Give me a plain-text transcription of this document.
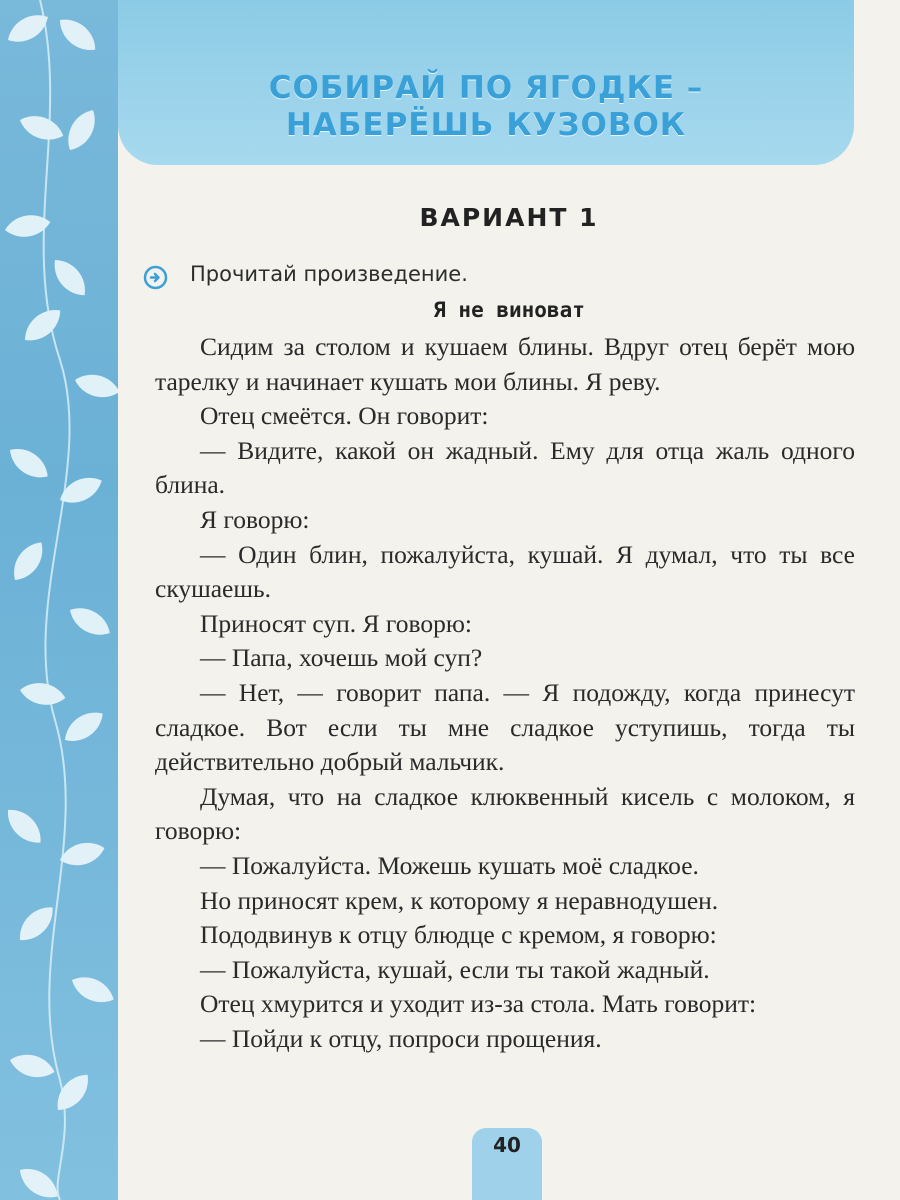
СОБИРАЙ ПО ЯГОДКЕ –
НАБЕРЁШЬ КУЗОВОК
ВАРИАНТ 1
Прочитай произведение.
Я не виноват
Сидим за столом и кушаем блины. Вдруг отец берёт мою тарелку и начинает кушать мои блины. Я реву.
Отец смеётся. Он говорит:
— Видите, какой он жадный. Ему для отца жаль одного блина.
Я говорю:
— Один блин, пожалуйста, кушай. Я думал, что ты все скушаешь.
Приносят суп. Я говорю:
— Папа, хочешь мой суп?
— Нет, — говорит папа. — Я подожду, когда принесут сладкое. Вот если ты мне сладкое уступишь, тогда ты действительно добрый мальчик.
Думая, что на сладкое клюквенный кисель с молоком, я говорю:
— Пожалуйста. Можешь кушать моё сладкое.
Но приносят крем, к которому я неравнодушен.
Пододвинув к отцу блюдце с кремом, я говорю:
— Пожалуйста, кушай, если ты такой жадный.
Отец хмурится и уходит из-за стола. Мать говорит:
— Пойди к отцу, попроси прощения.
40
